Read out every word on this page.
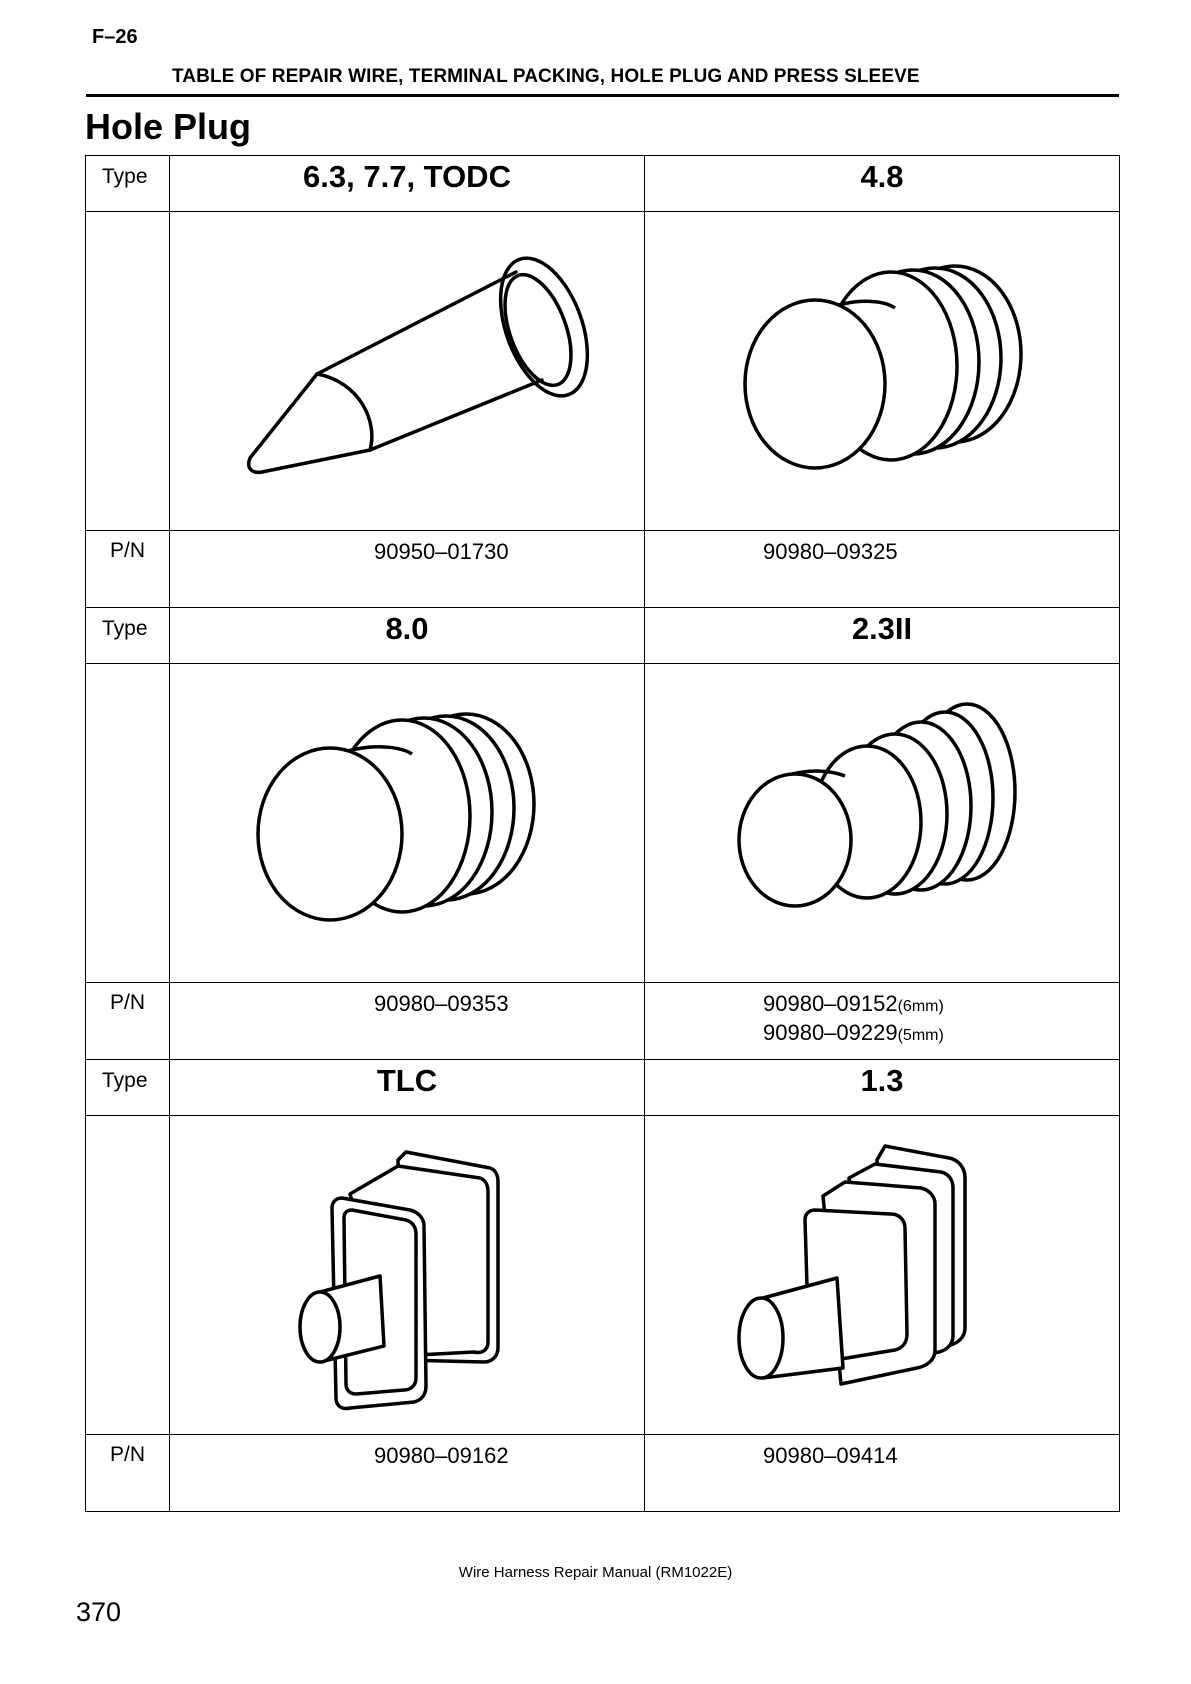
F–26
TABLE OF REPAIR WIRE, TERMINAL PACKING, HOLE PLUG AND PRESS SLEEVE
Hole Plug
Type	6.3, 7.7, TODC	4.8

P/N	90950–01730	90980–09325
Type	8.0	2.3II

P/N	90980–09353	90980–09152(6mm)
90980–09229(5mm)

Type	TLC	1.3

P/N	90980–09162	90980–09414
Wire Harness Repair Manual (RM1022E)
370
